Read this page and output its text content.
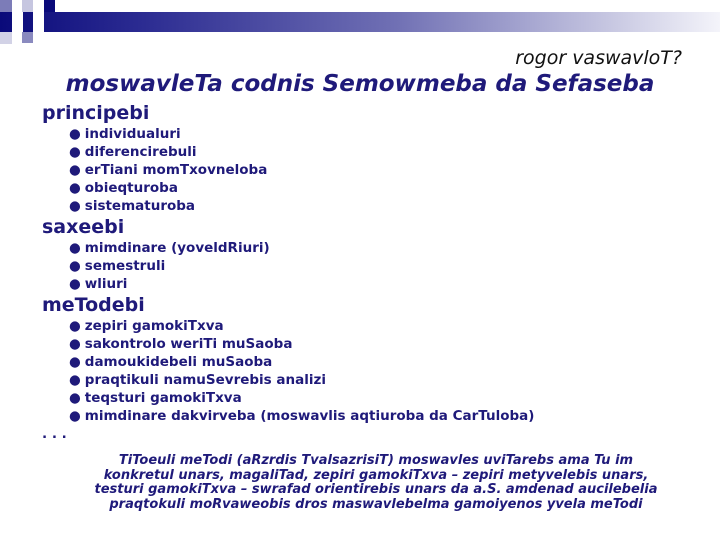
rogor vaswavloT?
moswavleTa codnis Semowmeba da Sefaseba
principebi
● individualuri
● diferencirebuli
● erTiani momTxovneloba
● obieqturoba
● sistematuroba
saxeebi
● mimdinare (yoveldRiuri)
● semestruli
● wliuri
meTodebi
● zepiri gamokiTxva
● sakontrolo weriTi muSaoba
● damoukidebeli muSaoba
● praqtikuli namuSevrebis analizi
● teqsturi gamokiTxva
● mimdinare dakvirveba (moswavlis aqtiuroba da CarTuloba)
. . .
TiToeuli meTodi (aRzrdis TvalsazrisiT) moswavles uviTarebs ama Tu im
konkretul unars, magaliTad, zepiri gamokiTxva – zepiri metyvelebis unars,
testuri gamokiTxva – swrafad orientirebis unars da a.S. amdenad aucilebelia
praqtokuli moRvaweobis dros maswavlebelma gamoiyenos yvela meTodi
